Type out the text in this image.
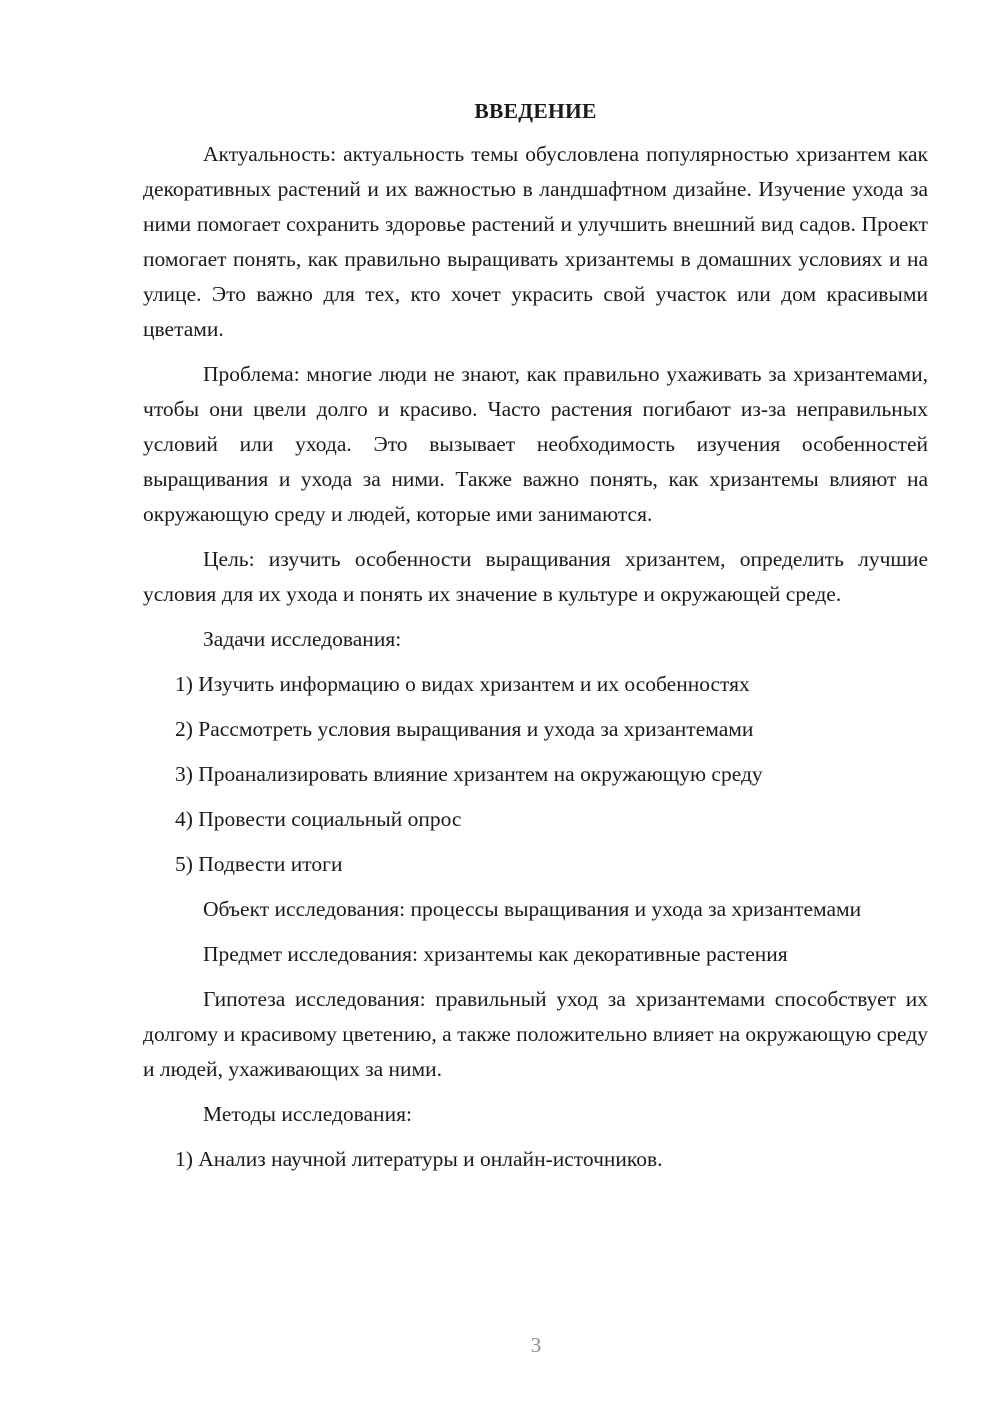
ВВЕДЕНИЕ

Актуальность: актуальность темы обусловлена популярностью хризантем как декоративных растений и их важностью в ландшафтном дизайне. Изучение ухода за ними помогает сохранить здоровье растений и улучшить внешний вид садов. Проект помогает понять, как правильно выращивать хризантемы в домашних условиях и на улице. Это важно для тех, кто хочет украсить свой участок или дом красивыми цветами.

Проблема: многие люди не знают, как правильно ухаживать за хризантемами, чтобы они цвели долго и красиво. Часто растения погибают из-за неправильных условий или ухода. Это вызывает необходимость изучения особенностей выращивания и ухода за ними. Также важно понять, как хризантемы влияют на окружающую среду и людей, которые ими занимаются.

Цель: изучить особенности выращивания хризантем, определить лучшие условия для их ухода и понять их значение в культуре и окружающей среде.

Задачи исследования:

1) Изучить информацию о видах хризантем и их особенностях
2) Рассмотреть условия выращивания и ухода за хризантемами
3) Проанализировать влияние хризантем на окружающую среду
4) Провести социальный опрос
5) Подвести итоги

Объект исследования: процессы выращивания и ухода за хризантемами

Предмет исследования: хризантемы как декоративные растения

Гипотеза исследования: правильный уход за хризантемами способствует их долгому и красивому цветению, а также положительно влияет на окружающую среду и людей, ухаживающих за ними.

Методы исследования:

1) Анализ научной литературы и онлайн-источников.
3
